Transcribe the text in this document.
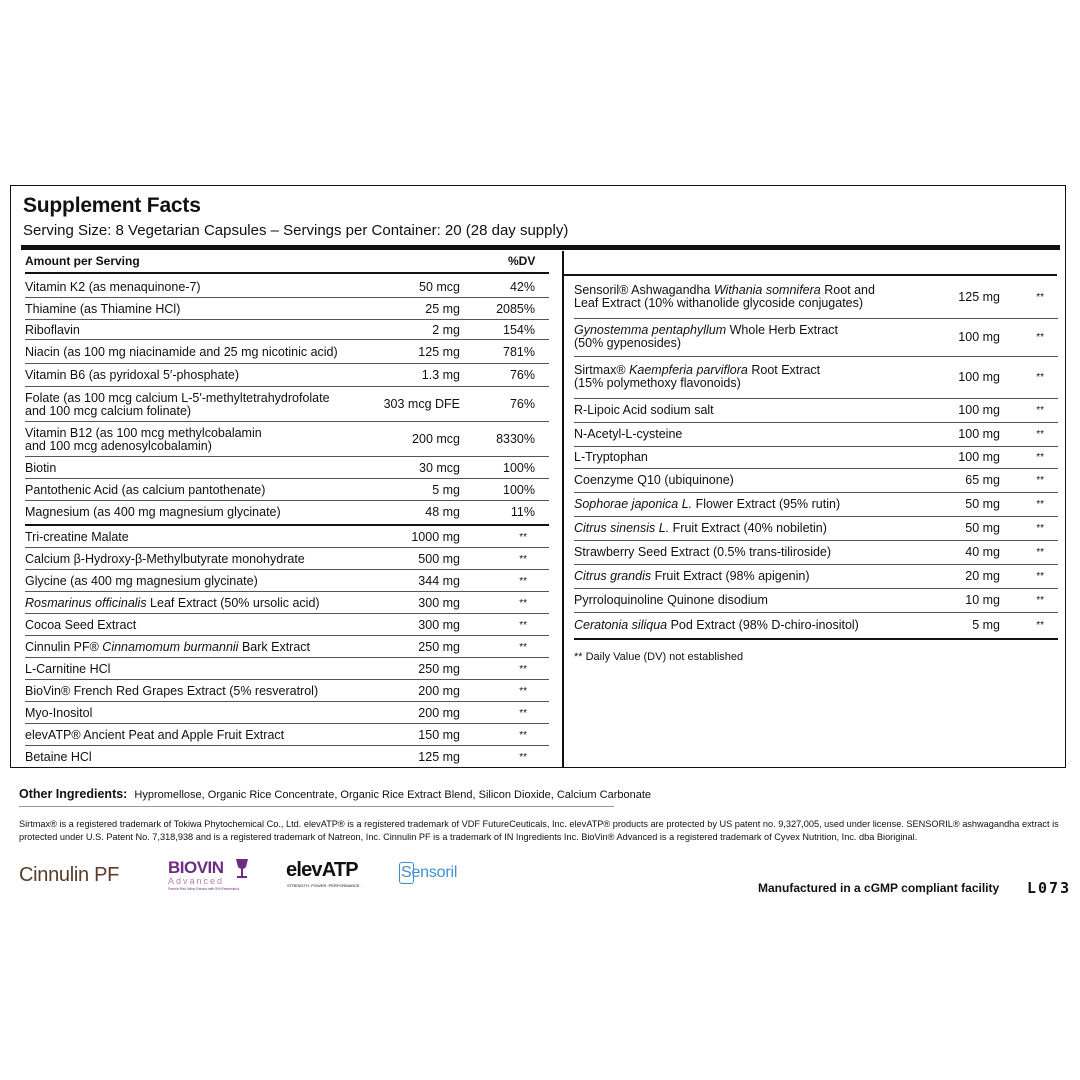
Supplement Facts
Serving Size: 8 Vegetarian Capsules – Servings per Container: 20 (28 day supply)
Amount per Serving	%DV
** Daily Value (DV) not established
Vitamin K2 (as menaquinone-7)	50 mcg	42%
Thiamine (as Thiamine HCl)	25 mg	2085%
Riboflavin	2 mg	154%
Niacin (as 100 mg niacinamide and 25 mg nicotinic acid)	125 mg	781%
Vitamin B6 (as pyridoxal 5′-phosphate)	1.3 mg	76%
Folate (as 100 mcg calcium L-5′-methyltetrahydrofolate
and 100 mcg calcium folinate)	303 mcg DFE	76%
Vitamin B12 (as 100 mcg methylcobalamin
and 100 mcg adenosylcobalamin)	200 mcg	8330%
Biotin	30 mcg	100%
Pantothenic Acid (as calcium pantothenate)	5 mg	100%
Magnesium (as 400 mg magnesium glycinate)	48 mg	11%
Tri-creatine Malate	1000 mg	**
Calcium β-Hydroxy-β-Methylbutyrate monohydrate	500 mg	**
Glycine (as 400 mg magnesium glycinate)	344 mg	**
Rosmarinus officinalis Leaf Extract (50% ursolic acid)	300 mg	**
Cocoa Seed Extract	300 mg	**
Cinnulin PF® Cinnamomum burmannii Bark Extract	250 mg	**
L-Carnitine HCl	250 mg	**
BioVin® French Red Grapes Extract (5% resveratrol)	200 mg	**
Myo-Inositol	200 mg	**
elevATP® Ancient Peat and Apple Fruit Extract	150 mg	**
Betaine HCl	125 mg	**
Sensoril® Ashwagandha Withania somnifera Root and
Leaf Extract (10% withanolide glycoside conjugates)	125 mg	**
Gynostemma pentaphyllum Whole Herb Extract
(50% gypenosides)	100 mg	**
Sirtmax® Kaempferia parviflora Root Extract
(15% polymethoxy flavonoids)	100 mg	**
R-Lipoic Acid sodium salt	100 mg	**
N-Acetyl-L-cysteine	100 mg	**
L-Tryptophan	100 mg	**
Coenzyme Q10 (ubiquinone)	65 mg	**
Sophorae japonica L. Flower Extract (95% rutin)	50 mg	**
Citrus sinensis L. Fruit Extract (40% nobiletin)	50 mg	**
Strawberry Seed Extract (0.5% trans-tiliroside)	40 mg	**
Citrus grandis Fruit Extract (98% apigenin)	20 mg	**
Pyrroloquinoline Quinone disodium	10 mg	**
Ceratonia siliqua Pod Extract (98% D-chiro-inositol)	5 mg	**
Other Ingredients: Hypromellose, Organic Rice Concentrate, Organic Rice Extract Blend, Silicon Dioxide, Calcium Carbonate
Sirtmax® is a registered trademark of Tokiwa Phytochemical Co., Ltd. elevATP® is a registered trademark of VDF FutureCeuticals, Inc. elevATP® products are protected by US patent no. 9,327,005, used under license. SENSORIL® ashwagandha extract is protected under U.S. Patent No. 7,318,938 and is a registered trademark of Natreon, Inc. Cinnulin PF is a trademark of IN Ingredients Inc. BioVin® Advanced is a registered trademark of Cyvex Nutrition, Inc. dba Bioriginal.
Cinnulin PF	BIOVIN
Advanced
French Red Wine Extract with 5% Resveratrol
elevATP
STRENGTH. POWER. PERFORMANCE.
Sensoril
Manufactured in a cGMP compliant facility L073
